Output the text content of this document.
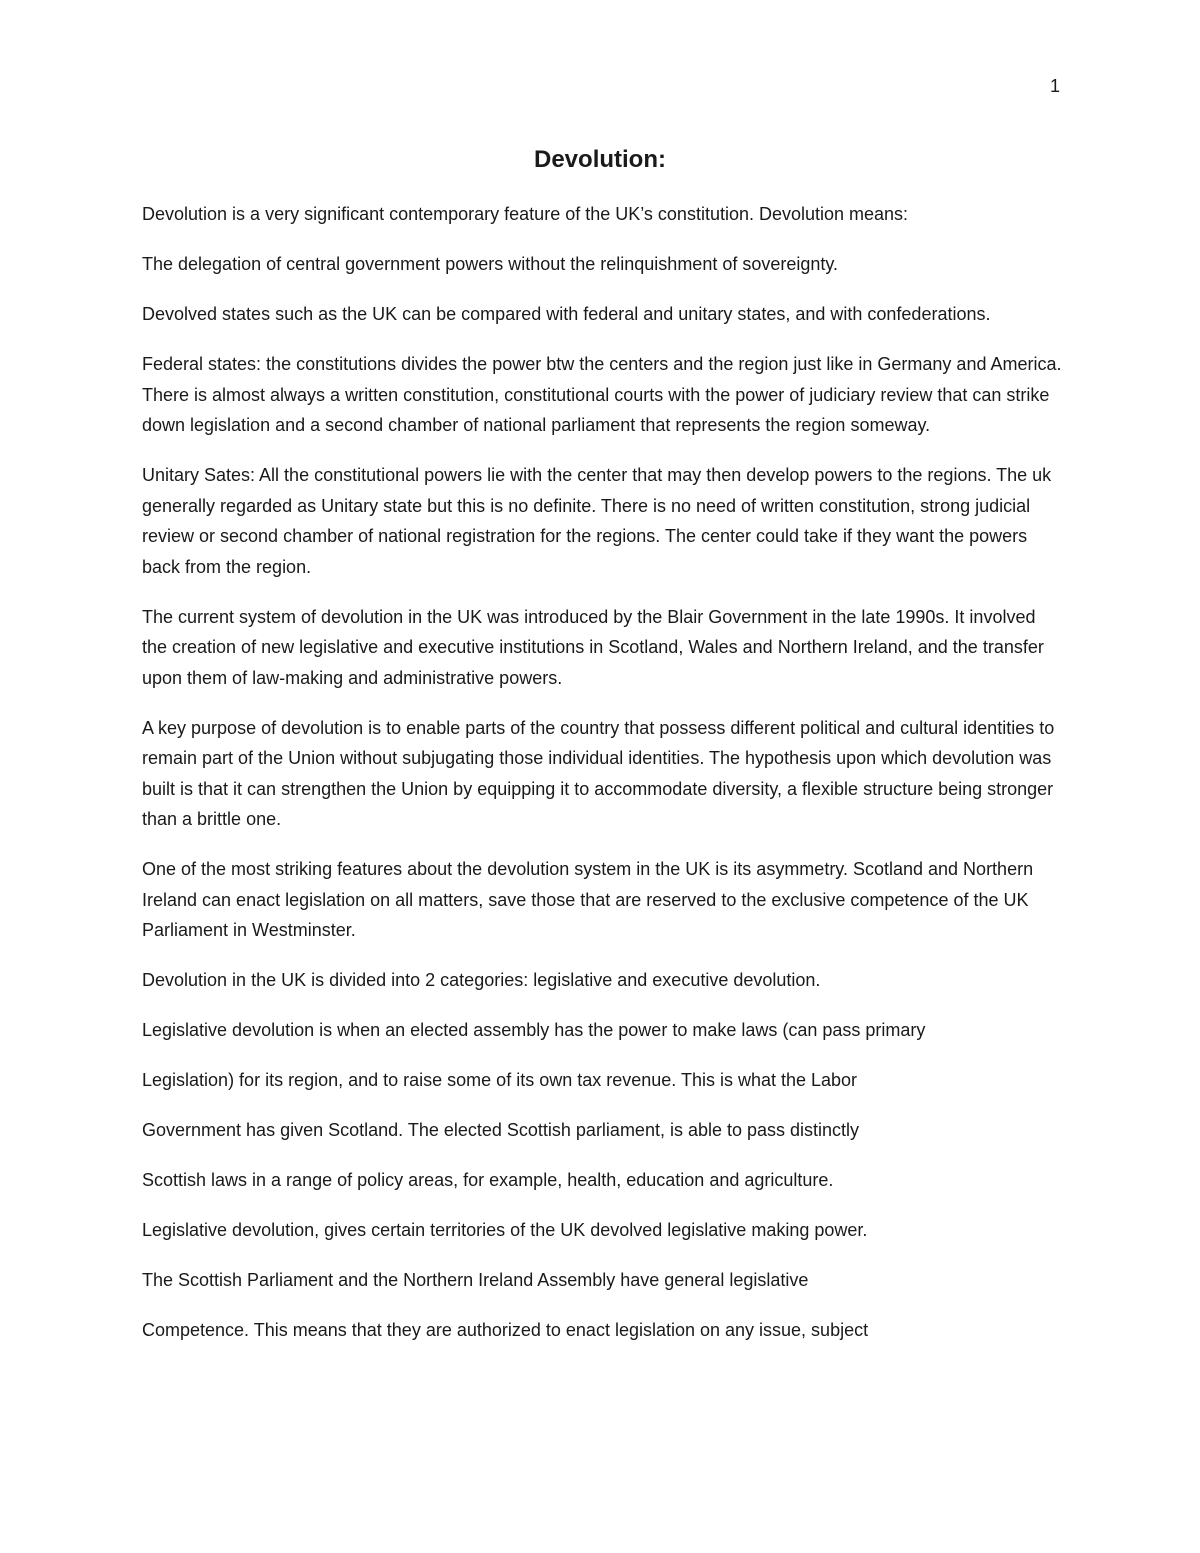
1
Devolution:

Devolution is a very significant contemporary feature of the UK’s constitution. Devolution means:

The delegation of central government powers without the relinquishment of sovereignty.

Devolved states such as the UK can be compared with federal and unitary states, and with confederations.

Federal states: the constitutions divides the power btw the centers and the region just like in Germany and America. There is almost always a written constitution, constitutional courts with the power of judiciary review that can strike down legislation and a second chamber of national parliament that represents the region someway.

Unitary Sates: All the constitutional powers lie with the center that may then develop powers to the regions. The uk generally regarded as Unitary state but this is no definite. There is no need of written constitution, strong judicial review or second chamber of national registration for the regions. The center could take if they want the powers back from the region.

The current system of devolution in the UK was introduced by the Blair Government in the late 1990s. It involved the creation of new legislative and executive institutions in Scotland, Wales and Northern Ireland, and the transfer upon them of law-making and administrative powers.

A key purpose of devolution is to enable parts of the country that possess different political and cultural identities to remain part of the Union without subjugating those individual identities. The hypothesis upon which devolution was built is that it can strengthen the Union by equipping it to accommodate diversity, a flexible structure being stronger than a brittle one.

One of the most striking features about the devolution system in the UK is its asymmetry. Scotland and Northern Ireland can enact legislation on all matters, save those that are reserved to the exclusive competence of the UK Parliament in Westminster.

Devolution in the UK is divided into 2 categories: legislative and executive devolution.

Legislative devolution is when an elected assembly has the power to make laws (can pass primary

Legislation) for its region, and to raise some of its own tax revenue. This is what the Labor

Government has given Scotland. The elected Scottish parliament, is able to pass distinctly

Scottish laws in a range of policy areas, for example, health, education and agriculture.

Legislative devolution, gives certain territories of the UK devolved legislative making power.

The Scottish Parliament and the Northern Ireland Assembly have general legislative

Competence. This means that they are authorized to enact legislation on any issue, subject
